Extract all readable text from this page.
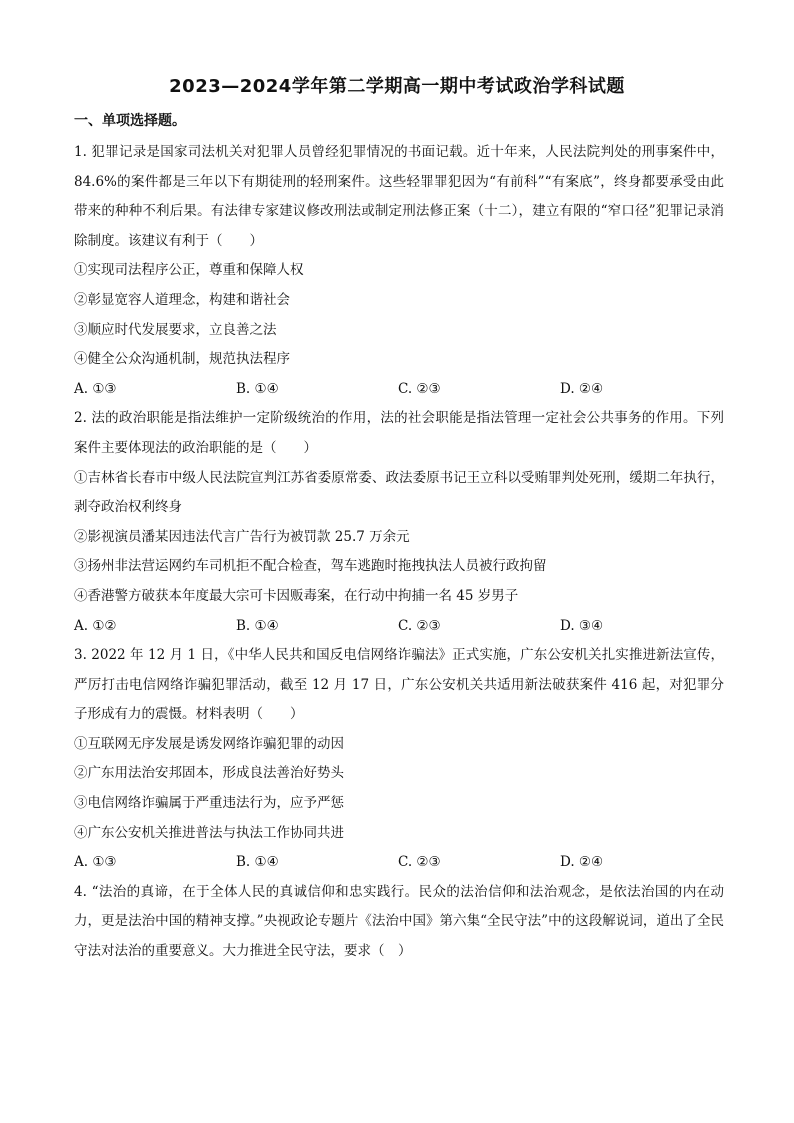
2023—2024学年第二学期高一期中考试政治学科试题
一、单项选择题。

1. 犯罪记录是国家司法机关对犯罪人员曾经犯罪情况的书面记载。近十年来，人民法院判处的刑事案件中，84.6%的案件都是三年以下有期徒刑的轻刑案件。这些轻罪罪犯因为“有前科”“有案底”，终身都要承受由此带来的种种不利后果。有法律专家建议修改刑法或制定刑法修正案（十二），建立有限的“窄口径”犯罪记录消除制度。该建议有利于（　　）

①实现司法程序公正，尊重和保障人权

②彰显宽容人道理念，构建和谐社会

③顺应时代发展要求，立良善之法

④健全公众沟通机制，规范执法程序

A. ①③	B. ①④	C. ②③	D. ②④

2. 法的政治职能是指法维护一定阶级统治的作用，法的社会职能是指法管理一定社会公共事务的作用。下列案件主要体现法的政治职能的是（　　）

①吉林省长春市中级人民法院宣判江苏省委原常委、政法委原书记王立科以受贿罪判处死刑，缓期二年执行，剥夺政治权利终身

②影视演员潘某因违法代言广告行为被罚款 25.7 万余元

③扬州非法营运网约车司机拒不配合检查，驾车逃跑时拖拽执法人员被行政拘留

④香港警方破获本年度最大宗可卡因贩毒案，在行动中拘捕一名 45 岁男子

A. ①②	B. ①④	C. ②③	D. ③④

3. 2022 年 12 月 1 日，《中华人民共和国反电信网络诈骗法》正式实施，广东公安机关扎实推进新法宣传，严厉打击电信网络诈骗犯罪活动，截至 12 月 17 日，广东公安机关共适用新法破获案件 416 起，对犯罪分子形成有力的震慑。材料表明（　　）

①互联网无序发展是诱发网络诈骗犯罪的动因

②广东用法治安邦固本，形成良法善治好势头

③电信网络诈骗属于严重违法行为，应予严惩

④广东公安机关推进普法与执法工作协同共进

A. ①③	B. ①④	C. ②③	D. ②④

4. “法治的真谛，在于全体人民的真诚信仰和忠实践行。民众的法治信仰和法治观念，是依法治国的内在动力，更是法治中国的精神支撑。”央视政论专题片《法治中国》第六集“全民守法”中的这段解说词，道出了全民守法对法治的重要意义。大力推进全民守法，要求（　）
